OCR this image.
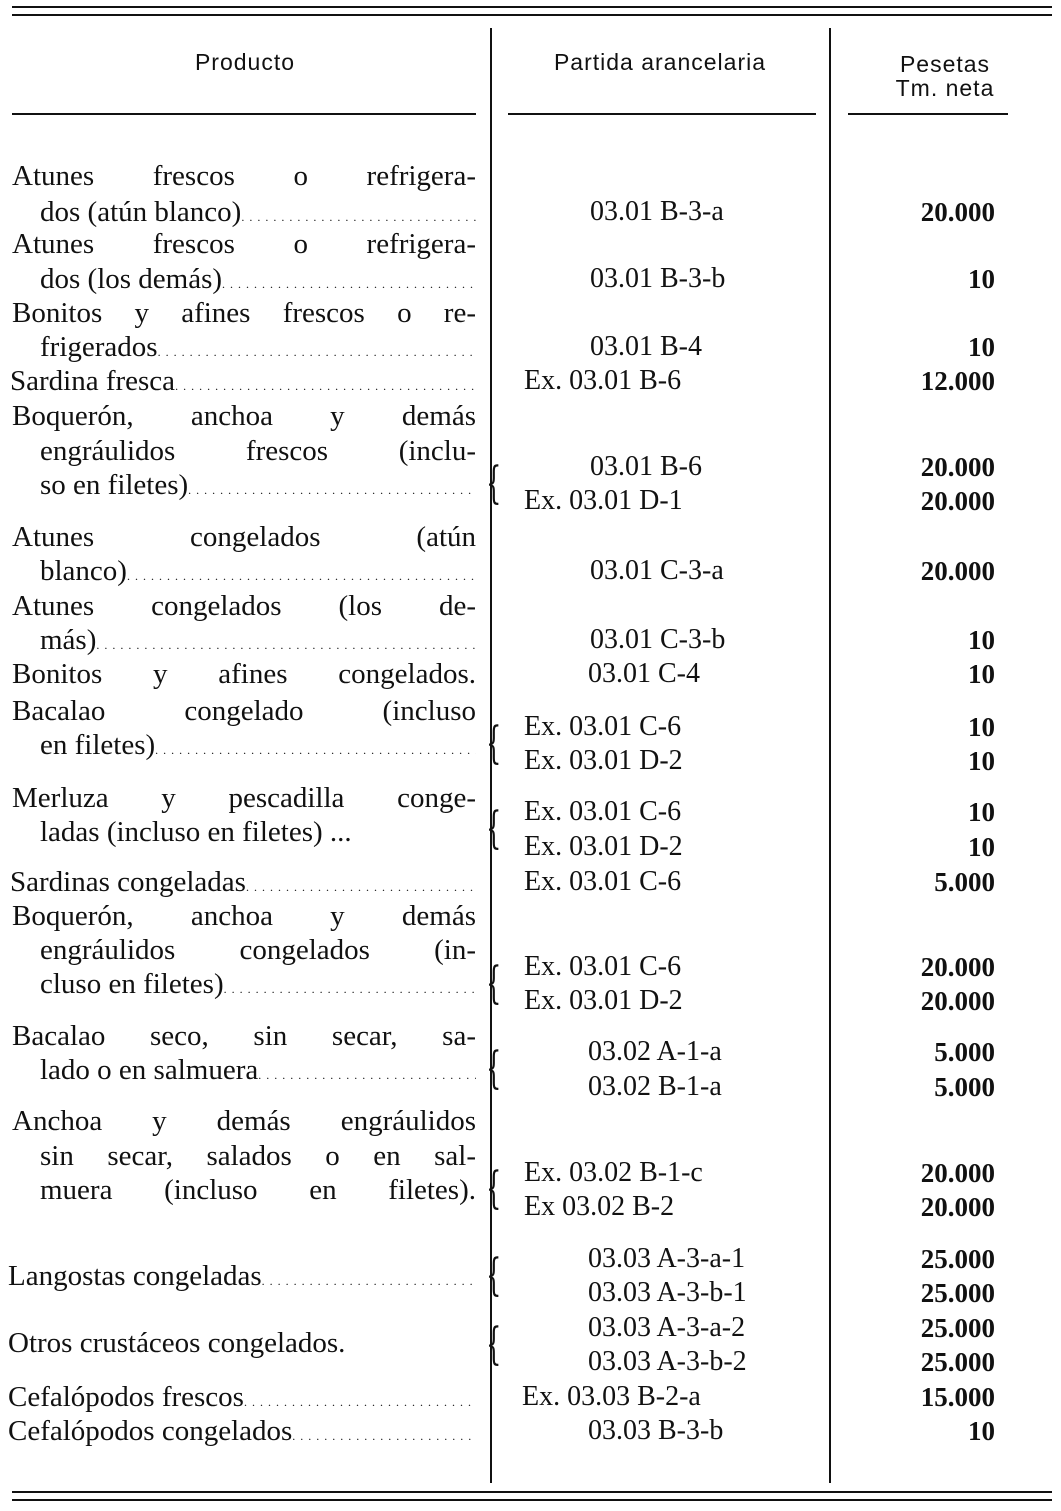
Producto	Partida arancelaria	Pesetas
Tm. neta
Atunes frescos o refrigera-
dos (atún blanco)
. . .
Atunes frescos o refrigera-
dos (los demás)
. . .
Bonitos y afines frescos o re-
frigerados
. . .
Sardina fresca
. . .
Boquerón, anchoa y demás
engráulidos frescos (inclu-
so en filetes)
. . .
Atunes congelados (atún
blanco)
. . .
Atunes congelados (los de-
más)
. . .
Bonitos y afines congelados.
Bacalao congelado (incluso
en filetes)
. . .
Merluza y pescadilla conge-
ladas (incluso en filetes) ...
Sardinas congeladas
. . .
Boquerón, anchoa y demás
engráulidos congelados (in-
cluso en filetes)
. . .
Bacalao seco, sin secar, sa-
lado o en salmuera
. . .
Anchoa y demás engráulidos
sin secar, salados o en sal-
muera (incluso en filetes).
Langostas congeladas
. . .
Otros crustáceos congelados.
Cefalópodos frescos
. . .
Cefalópodos congelados
. . .
{
{
{
{
{
{
{
{
03.01 B-3-a
03.01 B-3-b
03.01 B-4
Ex. 03.01 B-6
03.01 B-6
Ex. 03.01 D-1
03.01 C-3-a
03.01 C-3-b
03.01 C-4
Ex. 03.01 C-6
Ex. 03.01 D-2
Ex. 03.01 C-6
Ex. 03.01 D-2
Ex. 03.01 C-6
Ex. 03.01 C-6
Ex. 03.01 D-2
03.02 A-1-a
03.02 B-1-a
Ex. 03.02 B-1-c
Ex 03.02 B-2
03.03 A-3-a-1
03.03 A-3-b-1
03.03 A-3-a-2
03.03 A-3-b-2
Ex. 03.03 B-2-a
03.03 B-3-b
20.000
10
10
12.000
20.000
20.000
20.000
10
10
10
10
10
10
5.000
20.000
20.000
5.000
5.000
20.000
20.000
25.000
25.000
25.000
25.000
15.000
10
